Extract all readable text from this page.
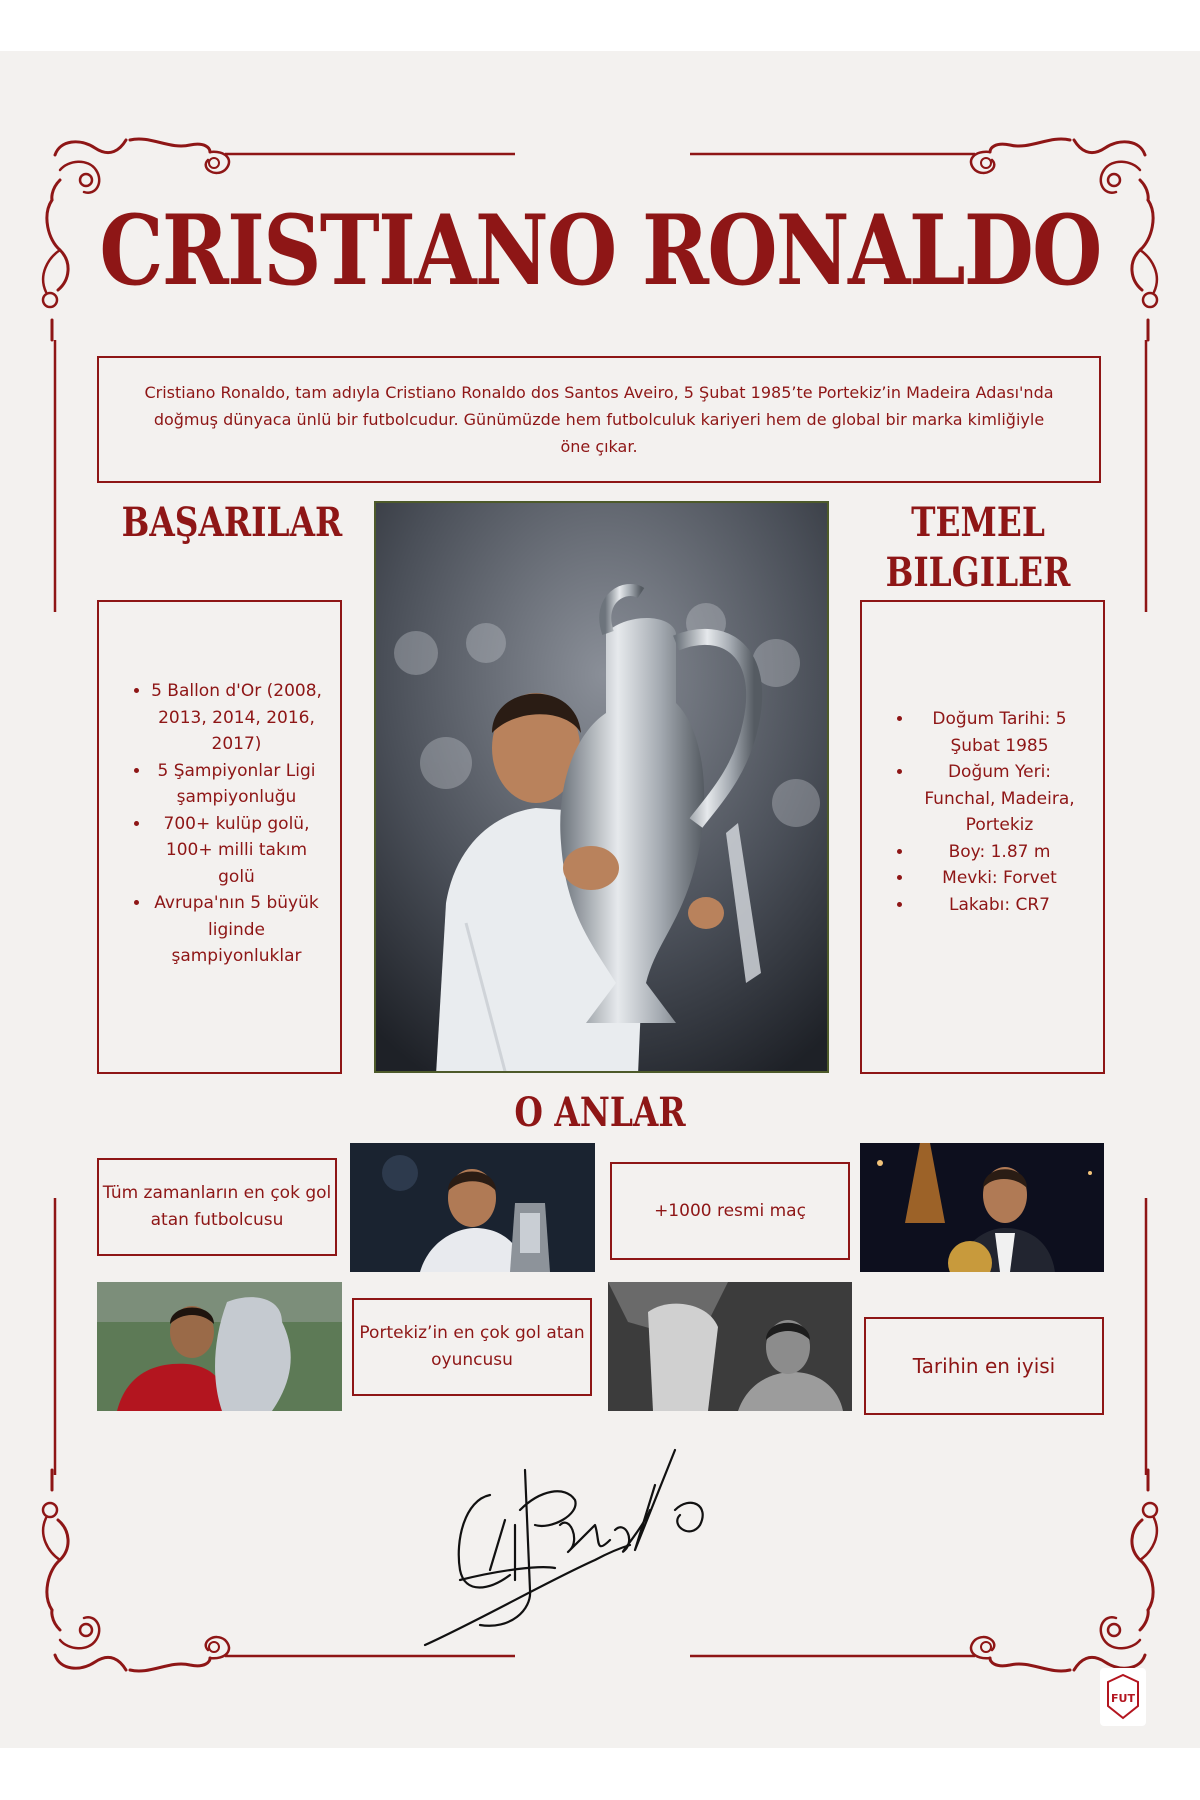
CRISTIANO RONALDO
Cristiano Ronaldo, tam adıyla Cristiano Ronaldo dos Santos Aveiro, 5 Şubat 1985’te Portekiz’in Madeira Adası'nda doğmuş dünyaca ünlü bir futbolcudur. Günümüzde hem futbolculuk kariyeri hem de global bir marka kimliğiyle öne çıkar.
BAŞARILAR
• 5 Ballon d'Or (2008, 2013, 2014, 2016, 2017)
• 5 Şampiyonlar Ligi şampiyonluğu
• 700+ kulüp golü, 100+ milli takım golü
• Avrupa'nın 5 büyük liginde şampiyonluklar
TEMEL
BILGILER
• Doğum Tarihi: 5 Şubat 1985
• Doğum Yeri: Funchal, Madeira, Portekiz
• Boy: 1.87 m
• Mevki: Forvet
• Lakabı: CR7
O ANLAR
Tüm zamanların en çok gol atan futbolcusu	+1000 resmi maç
Portekiz’in en çok gol atan oyuncusu	Tarihin en iyisi
FUT
